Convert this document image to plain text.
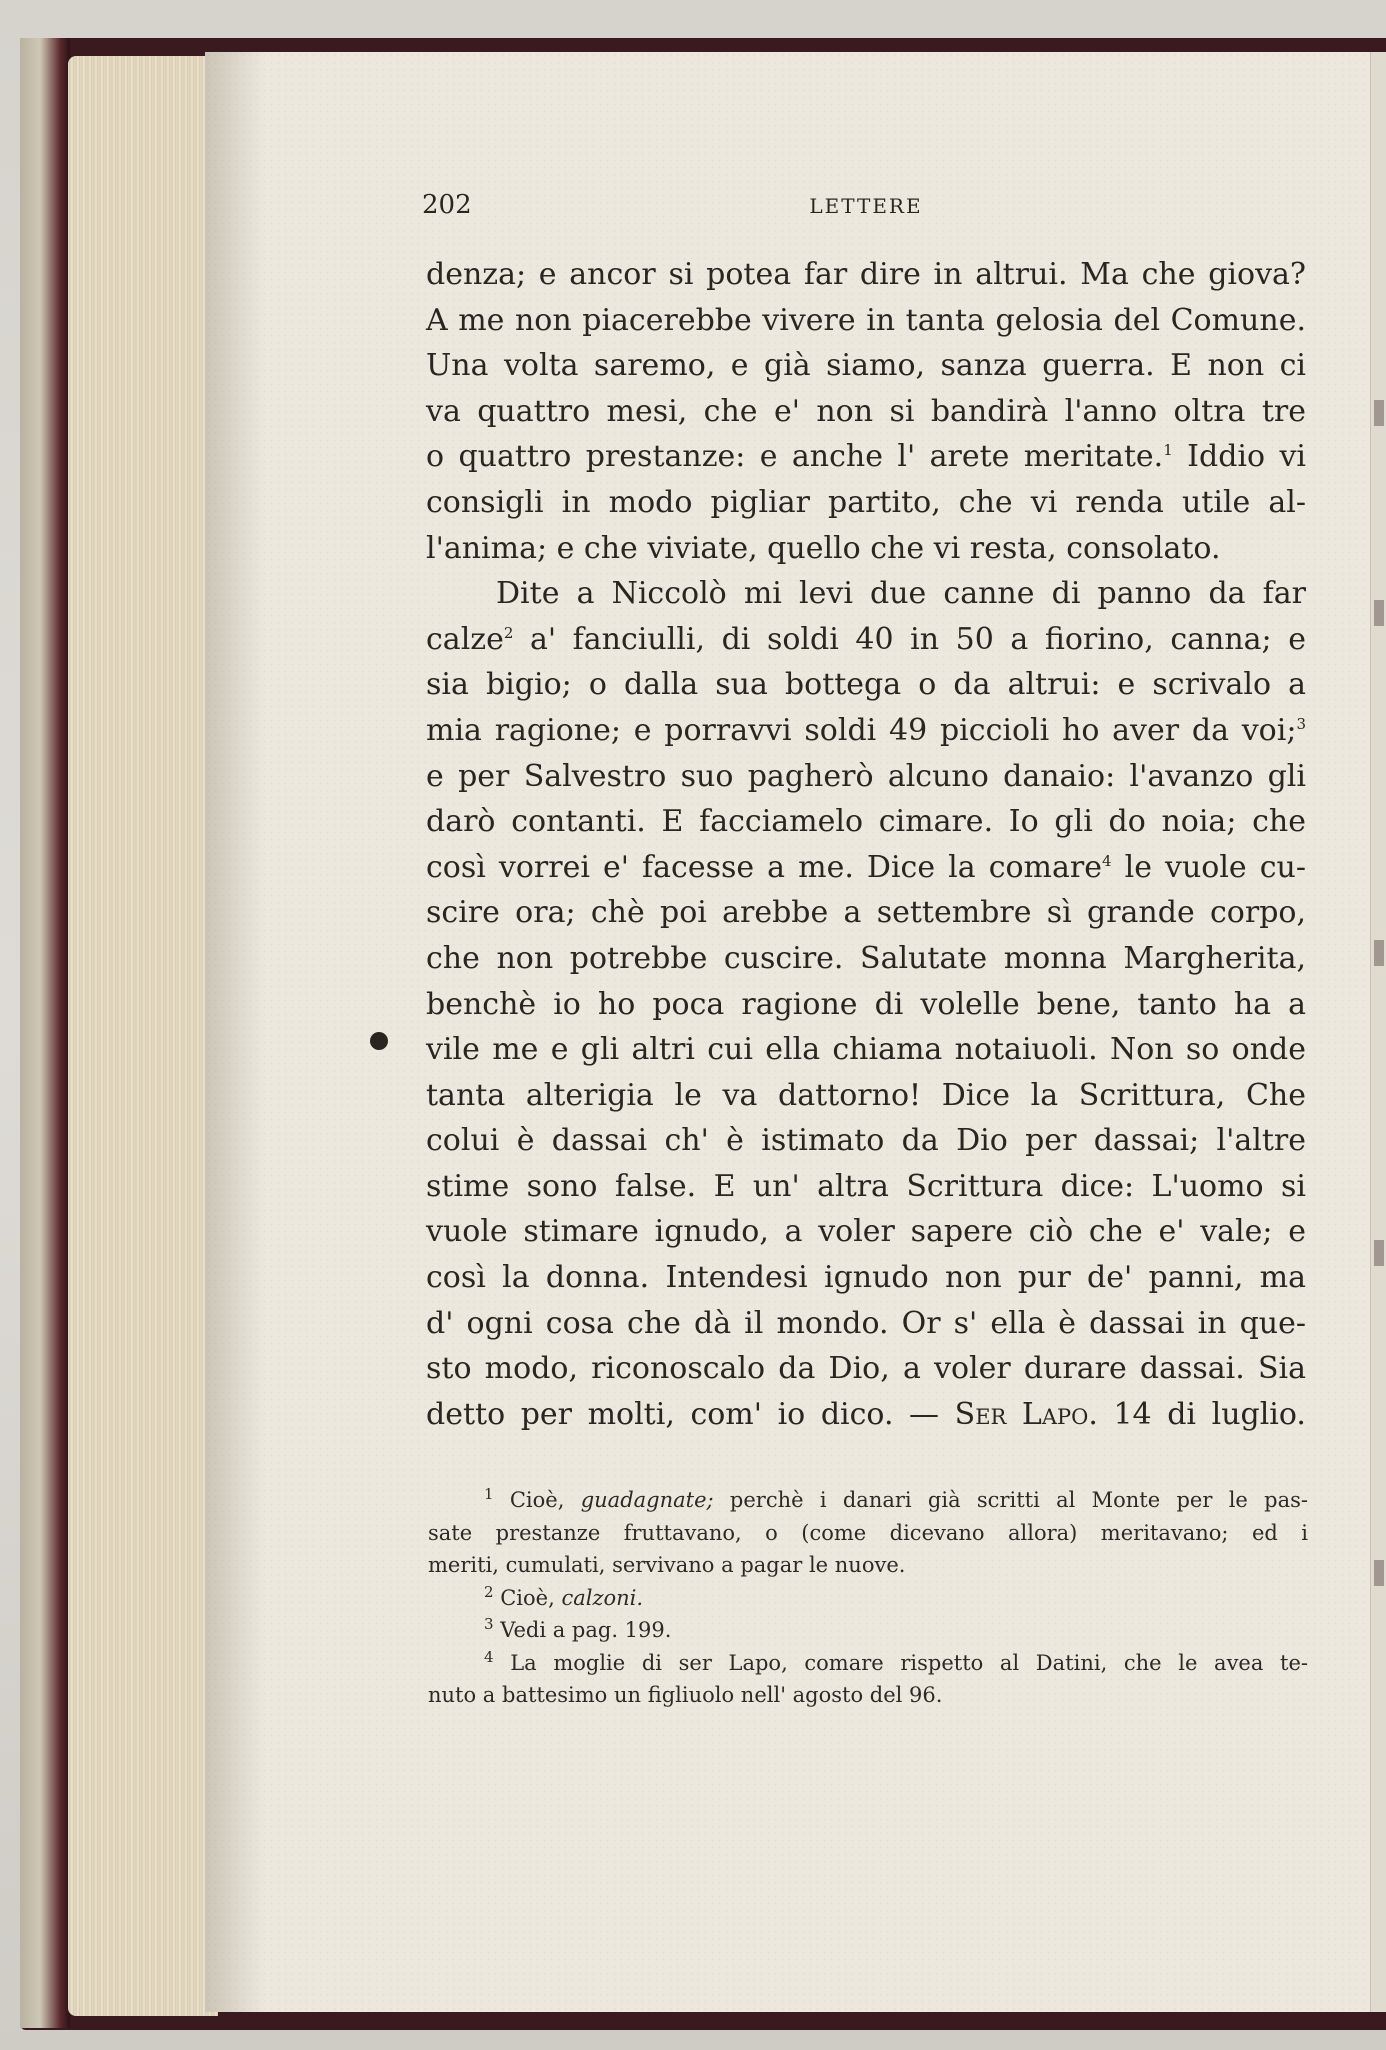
202	LETTERE
denza; e ancor si potea far dire in altrui. Ma che giova?
A me non piacerebbe vivere in tanta gelosia del Comune.
Una volta saremo, e già siamo, sanza guerra. E non ci
va quattro mesi, che e' non si bandirà l'anno oltra tre
o quattro prestanze: e anche l' arete meritate.$^1$ Iddio vi
consigli in modo pigliar partito, che vi renda utile al-
l'anima; e che viviate, quello che vi resta, consolato.
Dite a Niccolò mi levi due canne di panno da far
calze$^2$ a' fanciulli, di soldi 40 in 50 a fiorino, canna; e
sia bigio; o dalla sua bottega o da altrui: e scrivalo a
mia ragione; e porravvi soldi 49 piccioli ho aver da voi;$^3$
e per Salvestro suo pagherò alcuno danaio: l'avanzo gli
darò contanti. E facciamelo cimare. Io gli do noia; che
così vorrei e' facesse a me. Dice la comare$^4$ le vuole cu-
scire ora; chè poi arebbe a settembre sì grande corpo,
che non potrebbe cuscire. Salutate monna Margherita,
benchè io ho poca ragione di volelle bene, tanto ha a
vile me e gli altri cui ella chiama notaiuoli. Non so onde
tanta alterigia le va dattorno! Dice la Scrittura, Che
colui è dassai ch' è istimato da Dio per dassai; l'altre
stime sono false. E un' altra Scrittura dice: L'uomo si
vuole stimare ignudo, a voler sapere ciò che e' vale; e
così la donna. Intendesi ignudo non pur de' panni, ma
d' ogni cosa che dà il mondo. Or s' ella è dassai in que-
sto modo, riconoscalo da Dio, a voler durare dassai. Sia
detto per molti, com' io dico. — Ser Lapo. 14 di luglio.
$^1$ Cioè, guadagnate; perchè i danari già scritti al Monte per le pas-
sate prestanze fruttavano, o (come dicevano allora) meritavano; ed i
meriti, cumulati, servivano a pagar le nuove.
$^2$ Cioè, calzoni.
$^3$ Vedi a pag. 199.
$^4$ La moglie di ser Lapo, comare rispetto al Datini, che le avea te-
nuto a battesimo un figliuolo nell' agosto del 96.
